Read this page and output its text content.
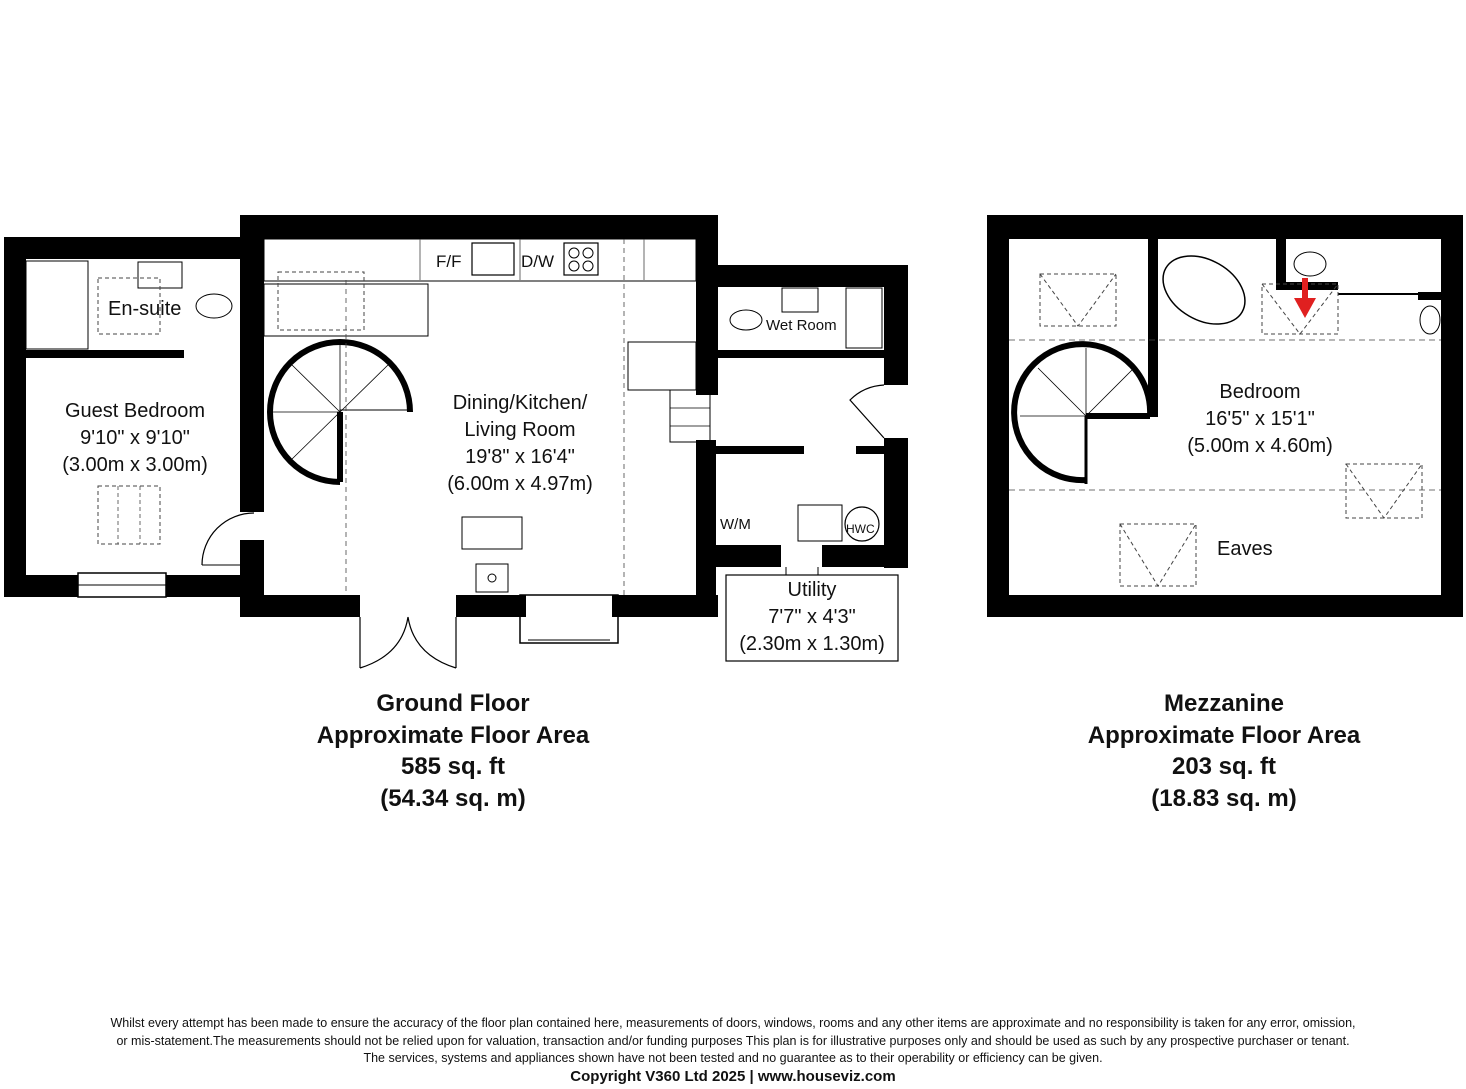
En-suite
Guest Bedroom
9'10" x 9'10"
(3.00m x 3.00m)
Dining/Kitchen/
Living Room
19'8" x 16'4"
(6.00m x 4.97m)
F/F	D/W
Wet Room
W/M	HWC
Utility
7'7" x 4'3"
(2.30m x 1.30m)
Bedroom
16'5" x 15'1"
(5.00m x 4.60m)
Eaves
Ground Floor
Approximate Floor Area
585 sq. ft
(54.34 sq. m)
Mezzanine
Approximate Floor Area
203 sq. ft
(18.83 sq. m)
Whilst every attempt has been made to ensure the accuracy of the floor plan contained here, measurements of doors, windows, rooms and any other items are approximate and no responsibility is taken for any error, omission,
or mis-statement.The measurements should not be relied upon for valuation, transaction and/or funding purposes This plan is for illustrative purposes only and should be used as such by any prospective purchaser or tenant.
The services, systems and appliances shown have not been tested and no guarantee as to their operability or efficiency can be given.
Copyright V360 Ltd 2025 | www.houseviz.com
